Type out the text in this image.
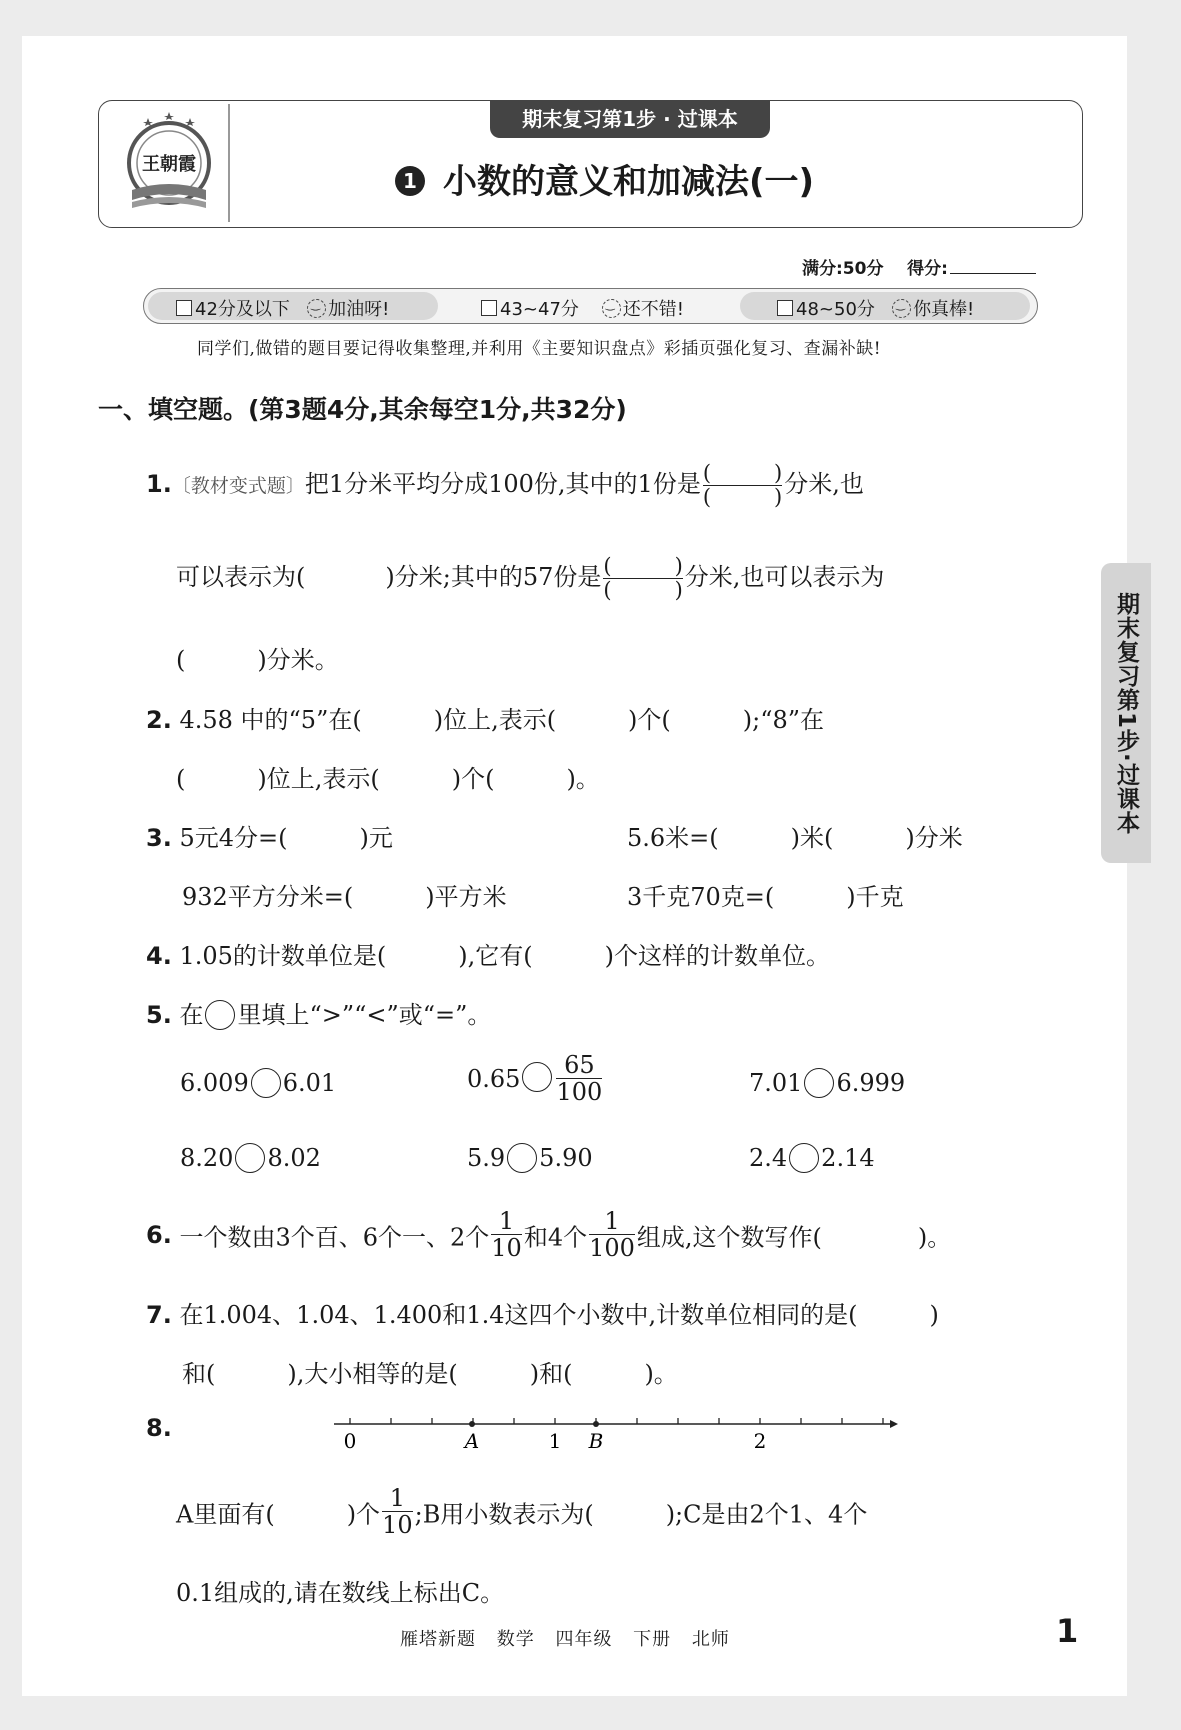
期末复习第1步 · 过课本
王朝霞
1 小数的意义和加减法(一)
满分:50分 得分:
42分及以下 ‿ 加油呀!	43~47分 ‿ 还不错!	48~50分 ‿ 你真棒!
同学们,做错的题目要记得收集整理,并利用《主要知识盘点》彩插页强化复习、查漏补缺!
一、填空题。(第3题4分,其余每空1分,共32分)
1.〔教材变式题〕把1分米平均分成100份,其中的1份是 $\frac{( )}{( )}$ 分米,也
可以表示为(	)分米;其中的57份是 $\frac{( )}{( )}$ 分米,也可以表示为
(　　　)分米。
2. 4.58 中的“5”在(　　　)位上,表示(　　　)个(　　　);“8”在
(　　　)位上,表示(　　　)个(　　　)。
3. 5元4分=(　　　)元	5.6米=(　　　)米(　　　)分米
932平方分米=(　　　)平方米	3千克70克=(　　　)千克
4. 1.05的计数单位是(　　　),它有(　　　)个这样的计数单位。
5. 在 里填上“>”“<”或“=”。
6.009 6.01	$0.65 \frac{65}{100}$	7.01 6.999
8.20 8.02	5.9 5.90	2.4 2.14
6. 一个数由3个百、6个一、2个 $\frac{1}{10}$ 和4个 $\frac{1}{100}$ 组成,这个数写作(　　　　)。
7. 在1.004、1.04、1.400和1.4这四个小数中,计数单位相同的是(　　　)
和(　　　),大小相等的是(　　　)和(　　　)。
8.	0	A	1 B	2
A里面有(　　　)个 $\frac{1}{10}$ ;B用小数表示为(　　　);C是由2个1、4个
0.1组成的,请在数线上标出C。
期末复习第1步·过课本
雁塔新题 数学 四年级 下册 北师	1
